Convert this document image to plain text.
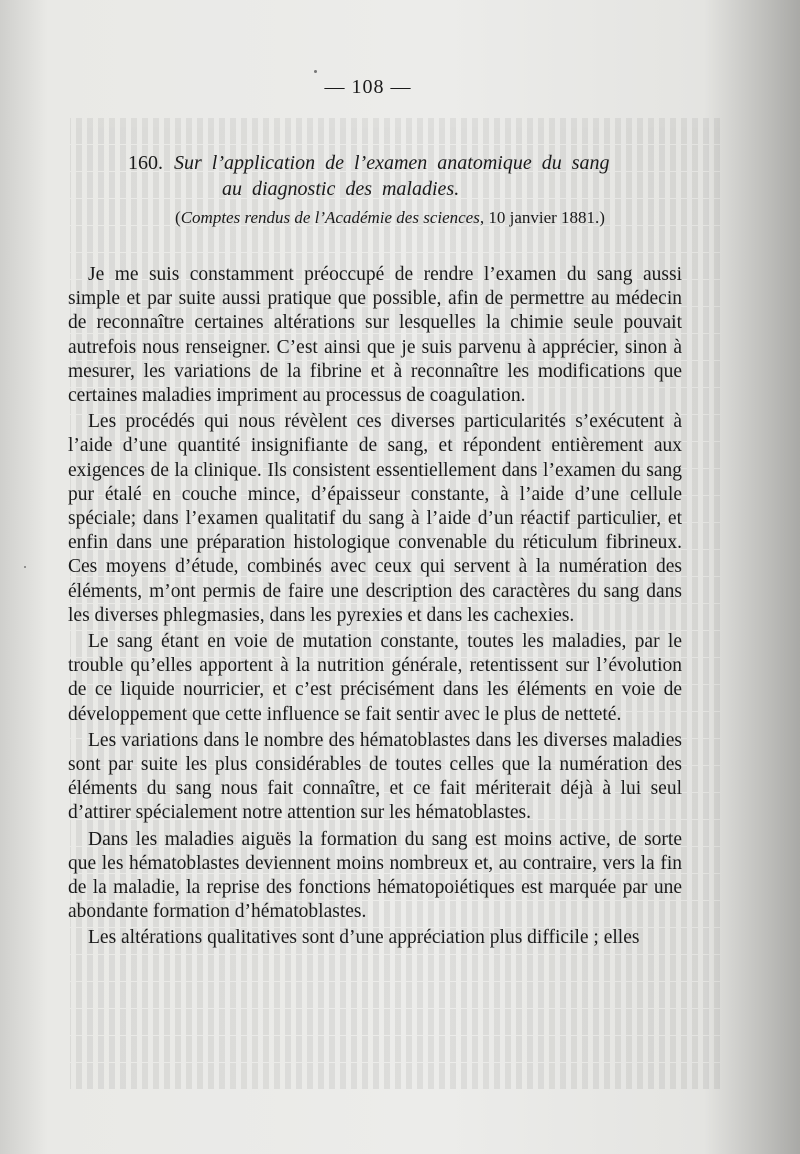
— 108 —
160. Sur l’application de l’examen anatomique du sang
au diagnostic des maladies.
(Comptes rendus de l’Académie des sciences, 10 janvier 1881.)

Je me suis constamment préoccupé de rendre l’examen du sang aussi simple et par suite aussi pratique que possible, afin de permettre au médecin de reconnaître certaines altérations sur lesquelles la chimie seule pouvait autrefois nous renseigner. C’est ainsi que je suis parvenu à apprécier, sinon à mesurer, les variations de la fibrine et à reconnaître les modifications que certaines maladies impriment au processus de coagulation.

Les procédés qui nous révèlent ces diverses particularités s’exécutent à l’aide d’une quantité insignifiante de sang, et répondent entièrement aux exigences de la clinique. Ils consistent essentiellement dans l’examen du sang pur étalé en couche mince, d’épaisseur constante, à l’aide d’une cellule spéciale; dans l’examen qualitatif du sang à l’aide d’un réactif particulier, et enfin dans une préparation histologique convenable du réticulum fibrineux. Ces moyens d’étude, combinés avec ceux qui servent à la numération des éléments, m’ont permis de faire une description des caractères du sang dans les diverses phlegmasies, dans les pyrexies et dans les cachexies.

Le sang étant en voie de mutation constante, toutes les maladies, par le trouble qu’elles apportent à la nutrition générale, retentissent sur l’évolution de ce liquide nourricier, et c’est précisément dans les éléments en voie de développement que cette influence se fait sentir avec le plus de netteté.

Les variations dans le nombre des hématoblastes dans les diverses maladies sont par suite les plus considérables de toutes celles que la numération des éléments du sang nous fait connaître, et ce fait mériterait déjà à lui seul d’attirer spécialement notre attention sur les hématoblastes.

Dans les maladies aiguës la formation du sang est moins active, de sorte que les hématoblastes deviennent moins nombreux et, au contraire, vers la fin de la maladie, la reprise des fonctions hématopoiétiques est marquée par une abondante formation d’hématoblastes.

Les altérations qualitatives sont d’une appréciation plus difficile ; elles
